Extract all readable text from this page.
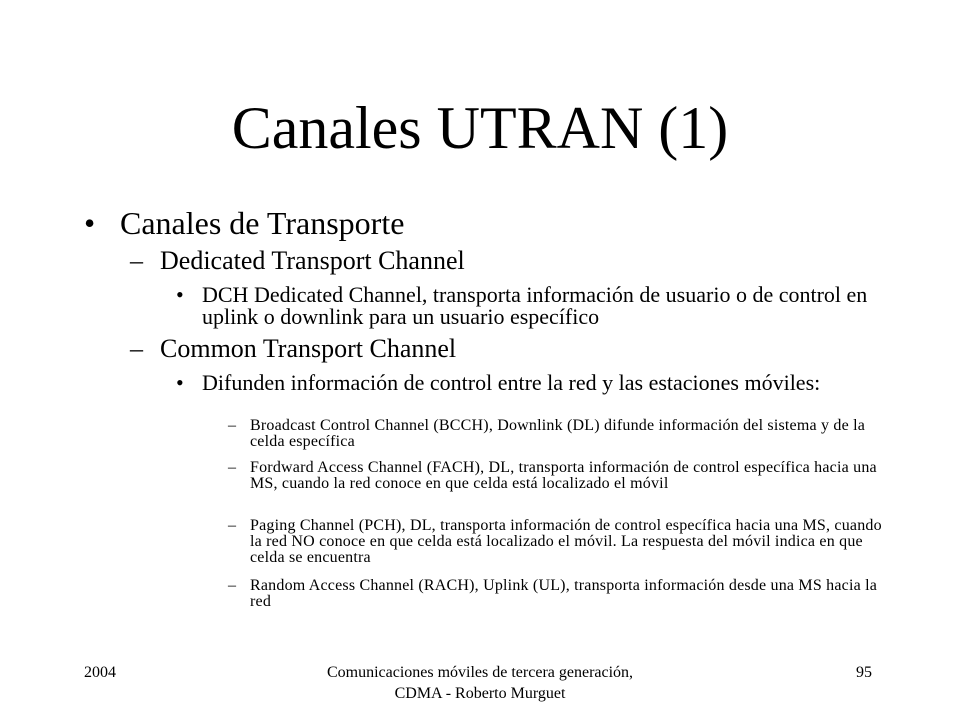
Canales UTRAN (1)
• Canales de Transporte
– Dedicated Transport Channel
• DCH Dedicated Channel, transporta información de usuario o de control en uplink o downlink para un usuario específico
– Common Transport Channel
• Difunden información de control entre la red y las estaciones móviles:
– Broadcast Control Channel (BCCH), Downlink (DL) difunde información del sistema y de la celda específica
– Fordward Access Channel (FACH), DL, transporta información de control específica hacia una MS, cuando la red conoce en que celda está localizado el móvil
– Paging Channel (PCH), DL, transporta información de control específica hacia una MS, cuando la red NO conoce en que celda está localizado el móvil. La respuesta del móvil indica en que celda se encuentra
– Random Access Channel (RACH), Uplink (UL), transporta información desde una MS hacia la red
2004	Comunicaciones móviles de tercera generación, CDMA - Roberto Murguet
95
